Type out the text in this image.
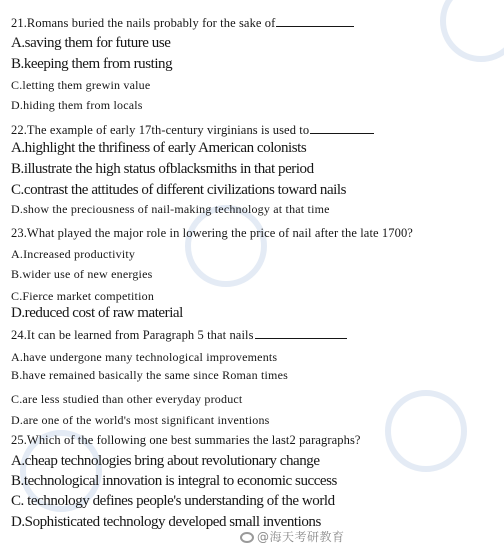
21.Romans buried the nails probably for the sake of
A.saving them for future use
B.keeping them from rusting
C.letting them grewin value
D.hiding them from locals
22.The example of early 17th-century virginians is used to
A.highlight the thrifiness of early American colonists
B.illustrate the high status ofblacksmiths in that period
C.contrast the attitudes of different civilizations toward nails
D.show the preciousness of nail-making technology at that time
23.What played the major role in lowering the price of nail after the late 1700?
A.Increased productivity
B.wider use of new energies
C.Fierce market competition
D.reduced cost of raw material
24.It can be learned from Paragraph 5 that nails
A.have undergone many technological improvements
B.have remained basically the same since Roman times
C.are less studied than other everyday product
D.are one of the world's most significant inventions
25.Which of the following one best summaries the last2 paragraphs?
A.cheap technologies bring about revolutionary change
B.technological innovation is integral to economic success
C. technology defines people's understanding of the world
D.Sophisticated technology developed small inventions
@海天考研教育
